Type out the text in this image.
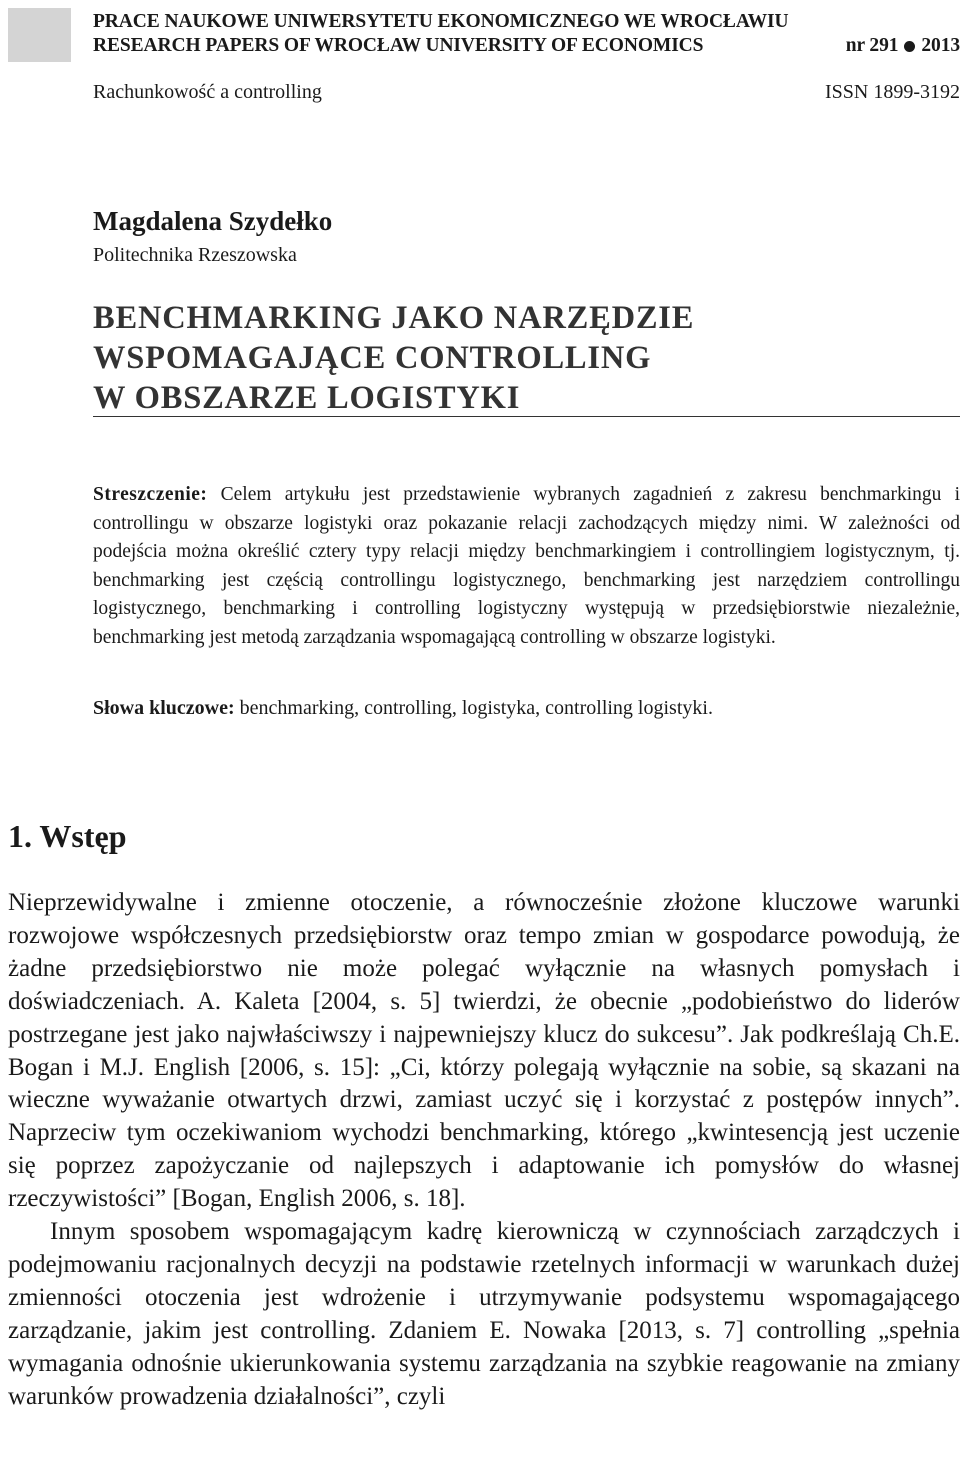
PRACE NAUKOWE UNIWERSYTETU EKONOMICZNEGO WE WROCŁAWIU
RESEARCH PAPERS OF WROCŁAW UNIVERSITY OF ECONOMICS	nr 291 2013
Rachunkowość a controlling	ISSN 1899-3192
Magdalena Szydełko
Politechnika Rzeszowska
BENCHMARKING JAKO NARZĘDZIE
WSPOMAGAJĄCE CONTROLLING
W OBSZARZE LOGISTYKI
Streszczenie: Celem artykułu jest przedstawienie wybranych zagadnień z zakresu benchmarkingu i controllingu w obszarze logistyki oraz pokazanie relacji zachodzących między nimi. W zależności od podejścia można określić cztery typy relacji między benchmarkingiem i controllingiem logistycznym, tj. benchmarking jest częścią controllingu logistycznego, benchmarking jest narzędziem controllingu logistycznego, benchmarking i controlling logistyczny występują w przedsiębiorstwie niezależnie, benchmarking jest metodą zarządzania wspomagającą controlling w obszarze logistyki.
Słowa kluczowe: benchmarking, controlling, logistyka, controlling logistyki.
1. Wstęp

Nieprzewidywalne i zmienne otoczenie, a równocześnie złożone kluczowe warunki rozwojowe współczesnych przedsiębiorstw oraz tempo zmian w gospodarce powodują, że żadne przedsiębiorstwo nie może polegać wyłącznie na własnych pomysłach i doświadczeniach. A. Kaleta [2004, s. 5] twierdzi, że obecnie „podobieństwo do liderów postrzegane jest jako najwłaściwszy i najpewniejszy klucz do sukcesu”. Jak podkreślają Ch.E. Bogan i M.J. English [2006, s. 15]: „Ci, którzy polegają wyłącznie na sobie, są skazani na wieczne wyważanie otwartych drzwi, zamiast uczyć się i korzystać z postępów innych”. Naprzeciw tym oczekiwaniom wychodzi benchmarking, którego „kwintesencją jest uczenie się poprzez zapożyczanie od najlepszych i adaptowanie ich pomysłów do własnej rzeczywistości” [Bogan, English 2006, s. 18].

Innym sposobem wspomagającym kadrę kierowniczą w czynnościach zarządczych i podejmowaniu racjonalnych decyzji na podstawie rzetelnych informacji w warunkach dużej zmienności otoczenia jest wdrożenie i utrzymywanie podsystemu wspomagającego zarządzanie, jakim jest controlling. Zdaniem E. Nowaka [2013, s. 7] controlling „spełnia wymagania odnośnie ukierunkowania systemu zarządzania na szybkie reagowanie na zmiany warunków prowadzenia działalności”, czyli
